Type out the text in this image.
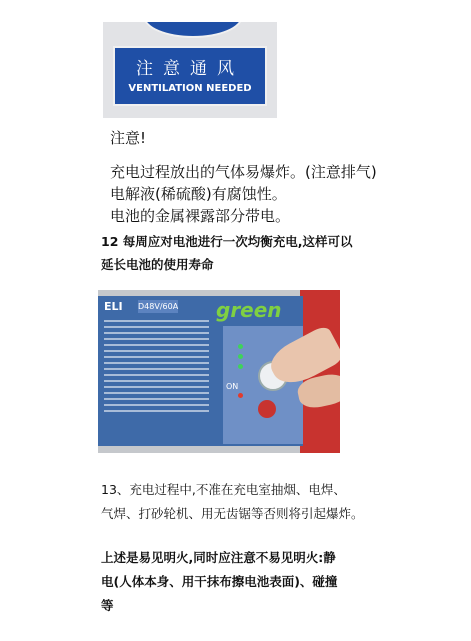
注意通风
VENTILATION NEEDED
注意!
充电过程放出的气体易爆炸。(注意排气)
电解液(稀硫酸)有腐蚀性。
电池的金属裸露部分带电。
12 每周应对电池进行一次均衡充电,这样可以
延长电池的使用寿命
ELI D48V/60A green
ON
13、充电过程中,不准在充电室抽烟、电焊、
气焊、打砂轮机、用无齿锯等否则将引起爆炸。
上述是易见明火,同时应注意不易见明火:静
电(人体本身、用干抹布擦电池表面)、碰撞
等
